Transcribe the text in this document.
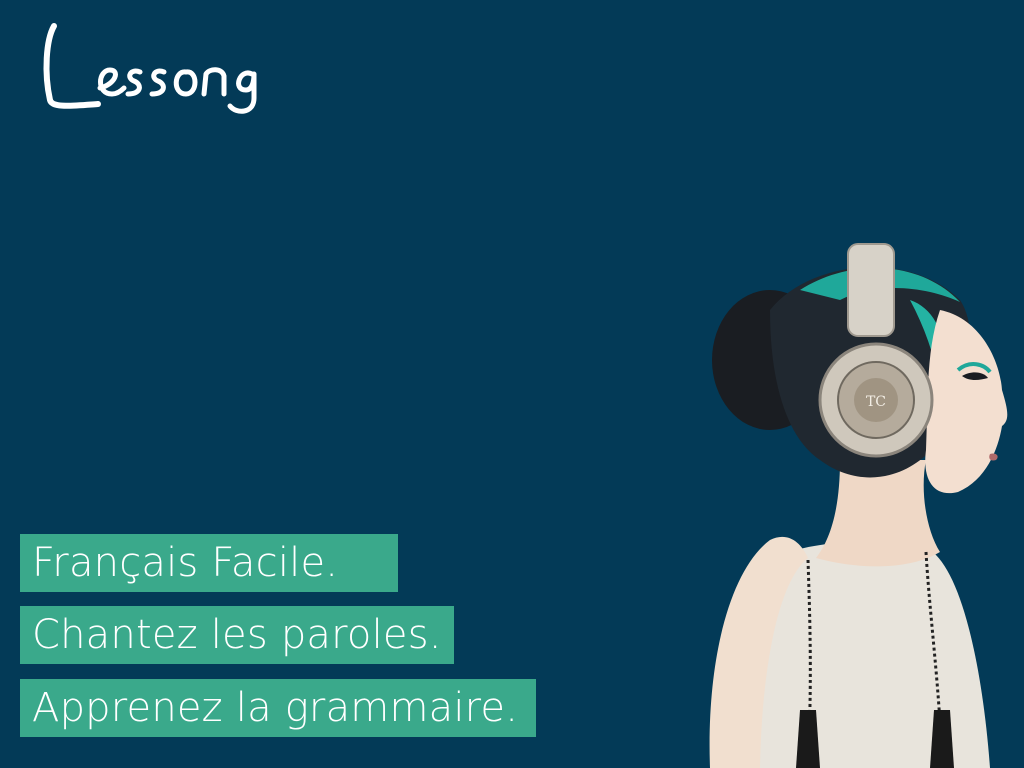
Français Facile.
Chantez les paroles.
Apprenez la grammaire.
TC
